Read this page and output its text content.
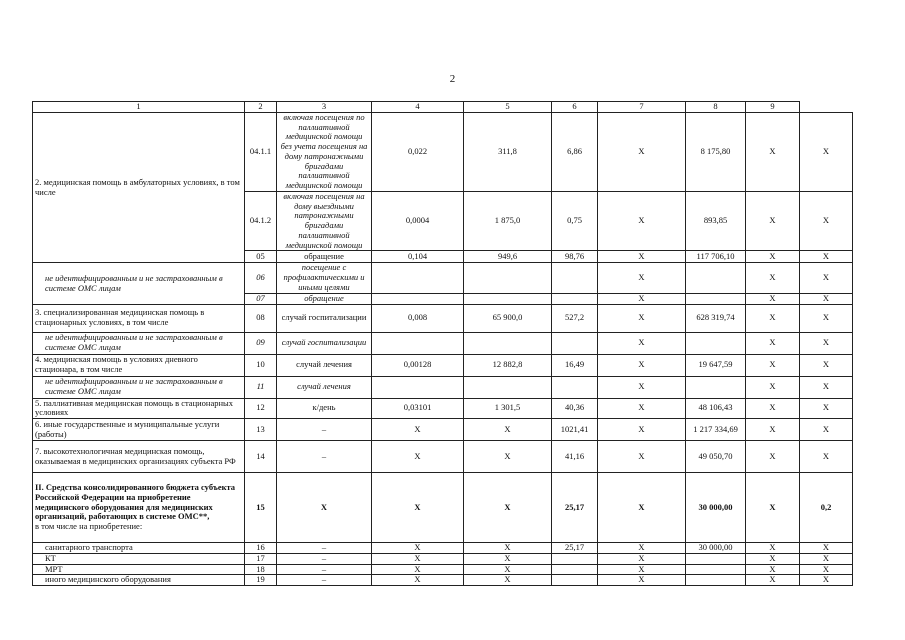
2
1	2	3	4	5	6	7	8	9	
2. медицинская помощь в амбулаторных условиях, в том числе	04.1.1	включая посещения по паллиативной медицинской помощи без учета посещения на дому патронажными бригадами паллиативной медицинской помощи	0,022	311,8	6,86	X	8 175,80	X	X
	04.1.2	включая посещения на дому выездными патронажными бригадами паллиативной медицинской помощи	0,0004	1 875,0	0,75	X	893,85	X	X
	05	обращение	0,104	949,6	98,76	X	117 706,10	X	X
не идентифицированным и не застрахованным в системе ОМС лицам	06	посещение с профилактическими и иными целями				X		X	X
	07	обращение				X		X	X
3. специализированная медицинская помощь в стационарных условиях, в том числе	08	случай госпитализации	0,008	65 900,0	527,2	X	628 319,74	X	X
не идентифицированным и не застрахованным в системе ОМС лицам	09	случай госпитализации				X		X	X
4. медицинская помощь в условиях дневного стационара, в том числе	10	случай лечения	0,00128	12 882,8	16,49	X	19 647,59	X	X
не идентифицированным и не застрахованным в системе ОМС лицам	11	случай лечения				X		X	X
5. паллиативная медицинская помощь в стационарных условиях	12	к/день	0,03101	1 301,5	40,36	X	48 106,43	X	X
6. иные государственные и муниципальные услуги (работы)	13	–	X	X	1021,41	X	1 217 334,69	X	X
7. высокотехнологичная медицинская помощь, оказываемая в медицинских организациях субъекта РФ	14	–	X	X	41,16	X	49 050,70	X	X
II. Средства консолидированного бюджета субъекта Российской Федерации на приобретение медицинского оборудования для медицинских организаций, работающих в системе ОМС**,
в том числе на приобретение:	15	X	X	X	25,17	X	30 000,00	X	0,2
санитарного транспорта	16	–	X	X	25,17	X	30 000,00	X	X
КТ	17	–	X	X		X		X	X
МРТ	18	–	X	X		X		X	X
иного медицинского оборудования	19	–	X	X		X		X	X
